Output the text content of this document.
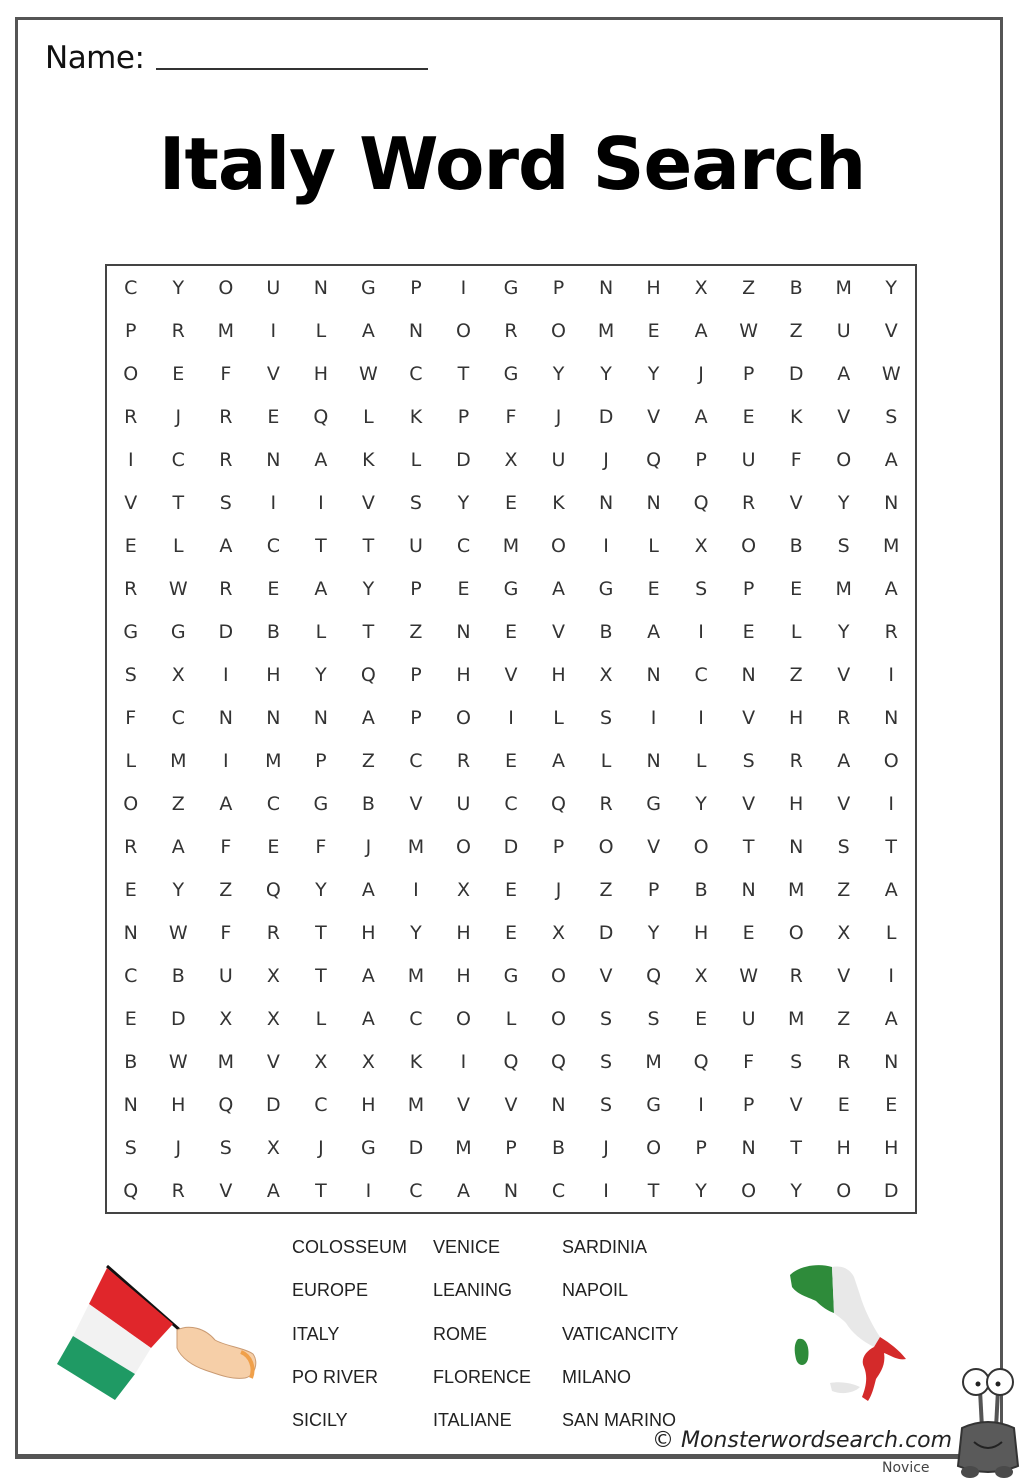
Name:
Italy Word Search
C	Y	O	U	N	G	P	I	G	P	N	H	X	Z	B	M	Y
P	R	M	I	L	A	N	O	R	O	M	E	A	W	Z	U	V
O	E	F	V	H	W	C	T	G	Y	Y	Y	J	P	D	A	W
R	J	R	E	Q	L	K	P	F	J	D	V	A	E	K	V	S
I	C	R	N	A	K	L	D	X	U	J	Q	P	U	F	O	A
V	T	S	I	I	V	S	Y	E	K	N	N	Q	R	V	Y	N
E	L	A	C	T	T	U	C	M	O	I	L	X	O	B	S	M
R	W	R	E	A	Y	P	E	G	A	G	E	S	P	E	M	A
G	G	D	B	L	T	Z	N	E	V	B	A	I	E	L	Y	R
S	X	I	H	Y	Q	P	H	V	H	X	N	C	N	Z	V	I
F	C	N	N	N	A	P	O	I	L	S	I	I	V	H	R	N
L	M	I	M	P	Z	C	R	E	A	L	N	L	S	R	A	O
O	Z	A	C	G	B	V	U	C	Q	R	G	Y	V	H	V	I
R	A	F	E	F	J	M	O	D	P	O	V	O	T	N	S	T
E	Y	Z	Q	Y	A	I	X	E	J	Z	P	B	N	M	Z	A
N	W	F	R	T	H	Y	H	E	X	D	Y	H	E	O	X	L
C	B	U	X	T	A	M	H	G	O	V	Q	X	W	R	V	I
E	D	X	X	L	A	C	O	L	O	S	S	E	U	M	Z	A
B	W	M	V	X	X	K	I	Q	Q	S	M	Q	F	S	R	N
N	H	Q	D	C	H	M	V	V	N	S	G	I	P	V	E	E
S	J	S	X	J	G	D	M	P	B	J	O	P	N	T	H	H
Q	R	V	A	T	I	C	A	N	C	I	T	Y	O	Y	O	D
COLOSSEUM	VENICE	SARDINIA
EUROPE	LEANING	NAPOIL
ITALY	ROME	VATICANCITY
PO RIVER	FLORENCE	MILANO
SICILY	ITALIANE	SAN MARINO
© Monsterwordsearch.com
Novice
